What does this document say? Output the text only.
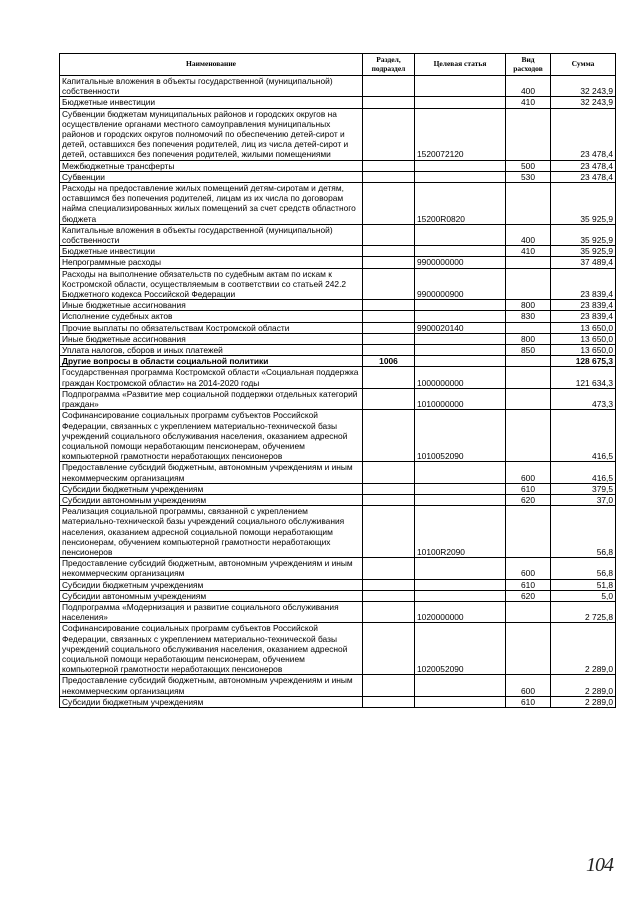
Наименование	Раздел, подраздел	Целевая статья	Вид расходов	Сумма
Капитальные вложения в объекты государственной (муниципальной) собственности			400	32 243,9
Бюджетные инвестиции			410	32 243,9
Субвенции бюджетам муниципальных районов и городских округов на осуществление органами местного самоуправления муниципальных районов и городских округов полномочий по обеспечению детей-сирот и детей, оставшихся без попечения родителей, лиц из числа детей-сирот и детей, оставшихся без попечения родителей, жилыми помещениями		1520072120		23 478,4
Межбюджетные трансферты			500	23 478,4
Субвенции			530	23 478,4
Расходы на предоставление жилых помещений детям-сиротам и детям, оставшимся без попечения родителей, лицам из их числа по договорам найма специализированных жилых помещений за счет средств областного бюджета		15200R0820		35 925,9
Капитальные вложения в объекты государственной (муниципальной) собственности			400	35 925,9
Бюджетные инвестиции			410	35 925,9
Непрограммные расходы		9900000000		37 489,4
Расходы на выполнение обязательств по судебным актам по искам к Костромской области, осуществляемым в соответствии со статьей 242.2 Бюджетного кодекса Российской Федерации		9900000900		23 839,4
Иные бюджетные ассигнования			800	23 839,4
Исполнение судебных актов			830	23 839,4
Прочие выплаты по обязательствам Костромской области		9900020140		13 650,0
Иные бюджетные ассигнования			800	13 650,0
Уплата налогов, сборов и иных платежей			850	13 650,0
Другие вопросы в области социальной политики	1006			128 675,3
Государственная программа Костромской области «Социальная поддержка граждан Костромской области» на 2014-2020 годы		1000000000		121 634,3
Подпрограмма «Развитие мер социальной поддержки отдельных категорий граждан»		1010000000		473,3
Софинансирование социальных программ субъектов Российской Федерации, связанных с укреплением материально-технической базы учреждений социального обслуживания населения, оказанием адресной социальной помощи неработающим пенсионерам, обучением компьютерной грамотности неработающих пенсионеров		1010052090		416,5
Предоставление субсидий бюджетным, автономным учреждениям и иным некоммерческим организациям			600	416,5
Субсидии бюджетным учреждениям			610	379,5
Субсидии автономным учреждениям			620	37,0
Реализация социальной программы, связанной с укреплением материально-технической базы учреждений социального обслуживания населения, оказанием адресной социальной помощи неработающим пенсионерам, обучением компьютерной грамотности неработающих пенсионеров		10100R2090		56,8
Предоставление субсидий бюджетным, автономным учреждениям и иным некоммерческим организациям			600	56,8
Субсидии бюджетным учреждениям			610	51,8
Субсидии автономным учреждениям			620	5,0
Подпрограмма «Модернизация и развитие социального обслуживания населения»		1020000000		2 725,8
Софинансирование социальных программ субъектов Российской Федерации, связанных с укреплением материально-технической базы учреждений социального обслуживания населения, оказанием адресной социальной помощи неработающим пенсионерам, обучением компьютерной грамотности неработающих пенсионеров		1020052090		2 289,0
Предоставление субсидий бюджетным, автономным учреждениям и иным некоммерческим организациям			600	2 289,0
Субсидии бюджетным учреждениям			610	2 289,0
104
